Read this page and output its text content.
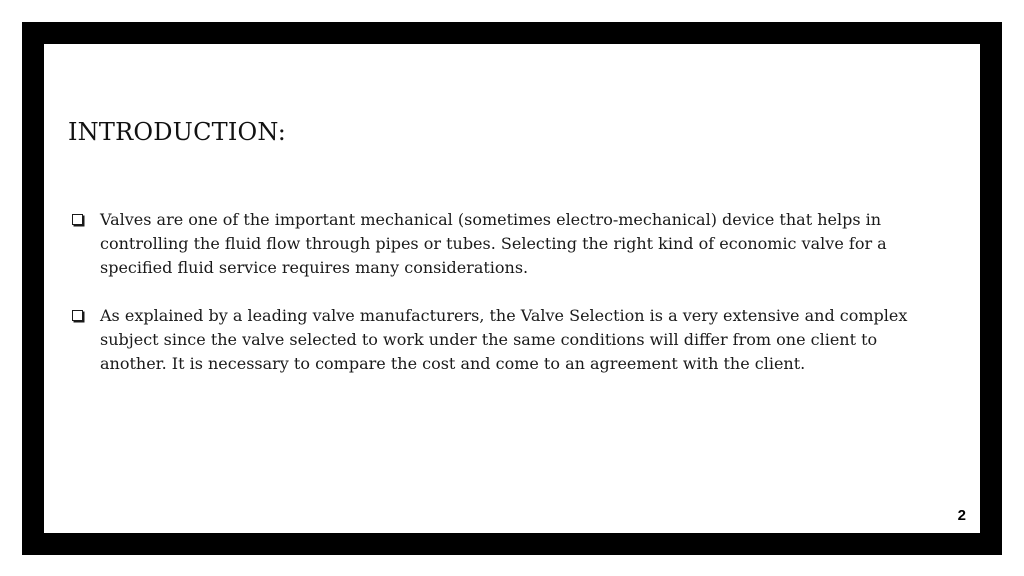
INTRODUCTION:
Valves are one of the important mechanical (sometimes electro-mechanical) device that helps in controlling the fluid flow through pipes or tubes. Selecting the right kind of economic valve for a specified fluid service requires many considerations.
As explained by a leading valve manufacturers, the Valve Selection is a very extensive and complex subject since the valve selected to work under the same conditions will differ from one client to another. It is necessary to compare the cost and come to an agreement with the client.
2
